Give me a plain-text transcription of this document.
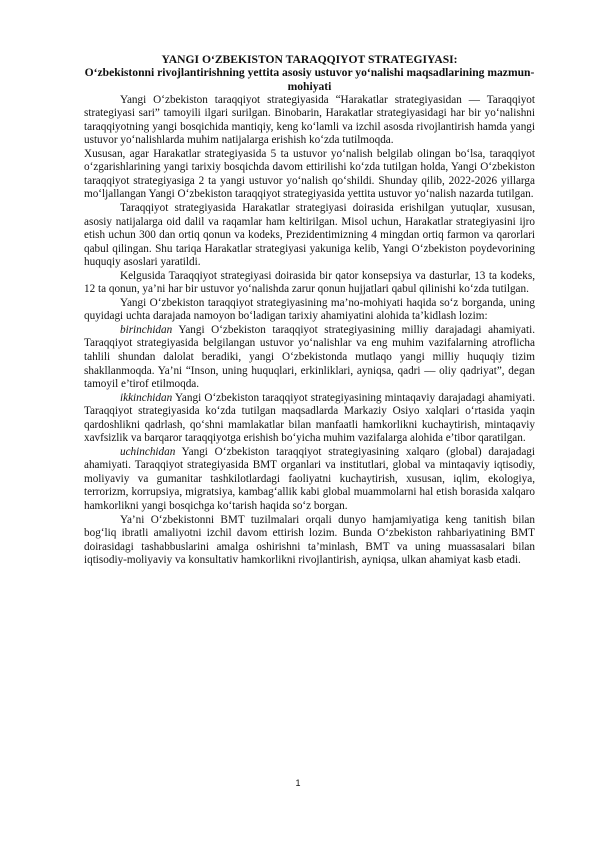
YANGI O‘ZBEKISTON TARAQQIYOT STRATEGIYASI:

O‘zbekistonni rivojlantirishning yettita asosiy ustuvor yo‘nalishi maqsadlarining mazmun-mohiyati

Yangi O‘zbekiston taraqqiyot strategiyasida “Harakatlar strategiyasidan — Taraqqiyot strategiyasi sari” tamoyili ilgari surilgan. Binobarin, Harakatlar strategiyasidagi har bir yo‘nalishni taraqqiyotning yangi bosqichida mantiqiy, keng ko‘lamli va izchil asosda rivojlantirish hamda yangi ustuvor yo‘nalishlarda muhim natijalarga erishish ko‘zda tutilmoqda.

Xususan, agar Harakatlar strategiyasida 5 ta ustuvor yo‘nalish belgilab olingan bo‘lsa, taraqqiyot o‘zgarishlarining yangi tarixiy bosqichda davom ettirilishi ko‘zda tutilgan holda, Yangi O‘zbekiston taraqqiyot strategiyasiga 2 ta yangi ustuvor yo‘nalish qo‘shildi. Shunday qilib, 2022-2026 yillarga mo‘ljallangan Yangi O‘zbekiston taraqqiyot strategiyasida yettita ustuvor yo‘nalish nazarda tutilgan.

Taraqqiyot strategiyasida Harakatlar strategiyasi doirasida erishilgan yutuqlar, xususan, asosiy natijalarga oid dalil va raqamlar ham keltirilgan. Misol uchun, Harakatlar strategiyasini ijro etish uchun 300 dan ortiq qonun va kodeks, Prezidentimizning 4 mingdan ortiq farmon va qarorlari qabul qilingan. Shu tariqa Harakatlar strategiyasi yakuniga kelib, Yangi O‘zbekiston poydevorining huquqiy asoslari yaratildi.

Kelgusida Taraqqiyot strategiyasi doirasida bir qator konsepsiya va dasturlar, 13 ta kodeks, 12 ta qonun, ya’ni har bir ustuvor yo‘nalishda zarur qonun hujjatlari qabul qilinishi ko‘zda tutilgan.

Yangi O‘zbekiston taraqqiyot strategiyasining ma’no-mohiyati haqida so‘z borganda, uning quyidagi uchta darajada namoyon bo‘ladigan tarixiy ahamiyatini alohida ta’kidlash lozim:

birinchidan Yangi O‘zbekiston taraqqiyot strategiyasining milliy darajadagi ahamiyati. Taraqqiyot strategiyasida belgilangan ustuvor yo‘nalishlar va eng muhim vazifalarning atroflicha tahlili shundan dalolat beradiki, yangi O‘zbekistonda mutlaqo yangi milliy huquqiy tizim shakllanmoqda. Ya’ni “Inson, uning huquqlari, erkinliklari, ayniqsa, qadri — oliy qadriyat”, degan tamoyil e’tirof etilmoqda.

ikkinchidan Yangi O‘zbekiston taraqqiyot strategiyasining mintaqaviy darajadagi ahamiyati. Taraqqiyot strategiyasida ko‘zda tutilgan maqsadlarda Markaziy Osiyo xalqlari o‘rtasida yaqin qardoshlikni qadrlash, qo‘shni mamlakatlar bilan manfaatli hamkorlikni kuchaytirish, mintaqaviy xavfsizlik va barqaror taraqqiyotga erishish bo‘yicha muhim vazifalarga alohida e’tibor qaratilgan.

uchinchidan Yangi O‘zbekiston taraqqiyot strategiyasining xalqaro (global) darajadagi ahamiyati. Taraqqiyot strategiyasida BMT organlari va institutlari, global va mintaqaviy iqtisodiy, moliyaviy va gumanitar tashkilotlardagi faoliyatni kuchaytirish, xususan, iqlim, ekologiya, terrorizm, korrupsiya, migratsiya, kambag‘allik kabi global muammolarni hal etish borasida xalqaro hamkorlikni yangi bosqichga ko‘tarish haqida so‘z borgan.

Ya’ni O‘zbekistonni BMT tuzilmalari orqali dunyo hamjamiyatiga keng tanitish bilan bog‘liq ibratli amaliyotni izchil davom ettirish lozim. Bunda O‘zbekiston rahbariyatining BMT doirasidagi tashabbuslarini amalga oshirishni ta’minlash, BMT va uning muassasalari bilan iqtisodiy-moliyaviy va konsultativ hamkorlikni rivojlantirish, ayniqsa, ulkan ahamiyat kasb etadi.

1
